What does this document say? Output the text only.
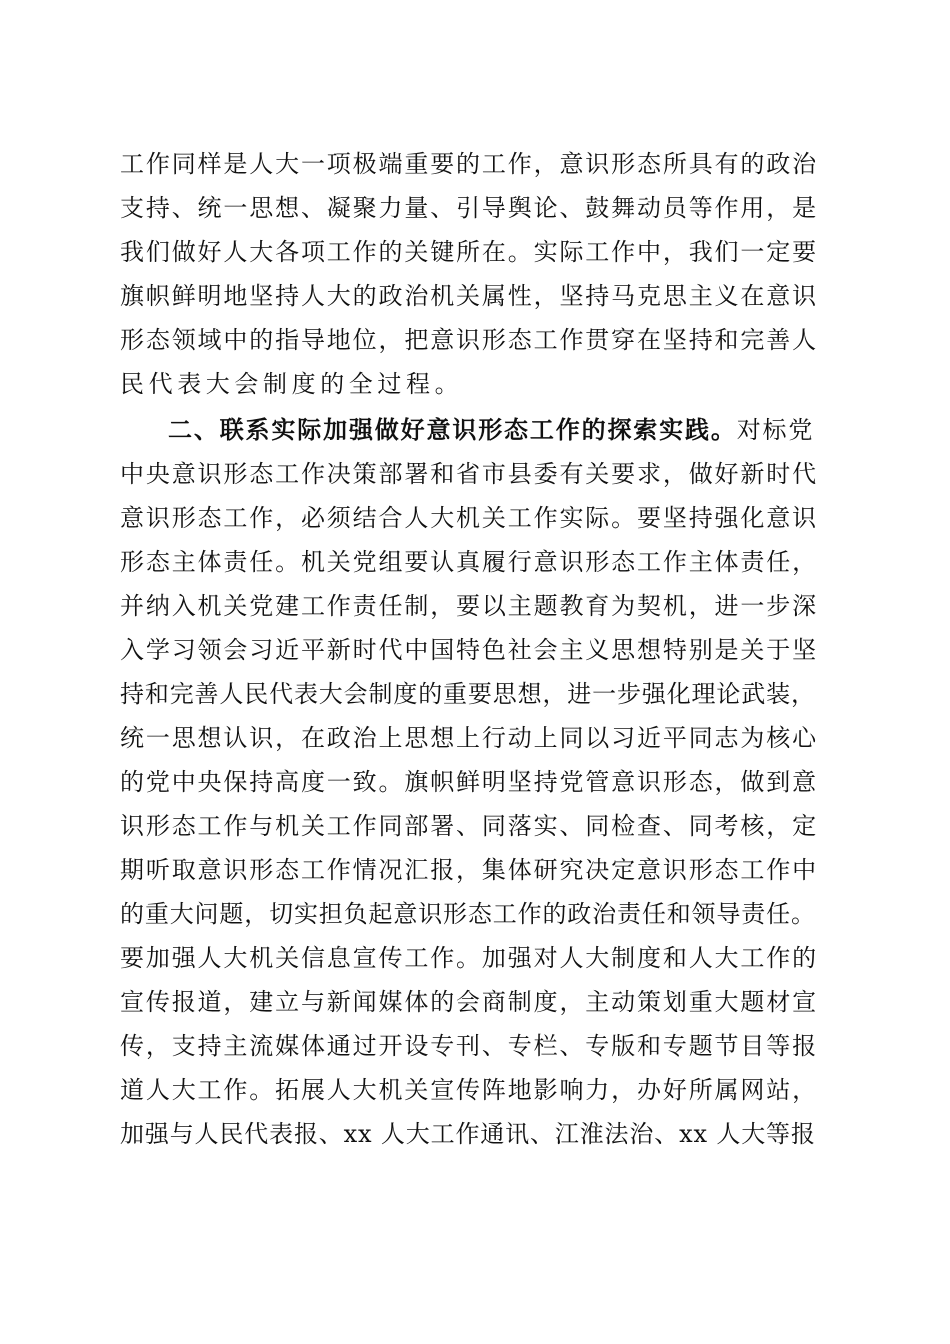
工作同样是人大一项极端重要的工作，意识形态所具有的政治
支持、统一思想、凝聚力量、引导舆论、鼓舞动员等作用，是
我们做好人大各项工作的关键所在。实际工作中，我们一定要
旗帜鲜明地坚持人大的政治机关属性，坚持马克思主义在意识
形态领域中的指导地位，把意识形态工作贯穿在坚持和完善人
民代表大会制度的全过程。
二、联系实际加强做好意识形态工作的探索实践。对标党
中央意识形态工作决策部署和省市县委有关要求，做好新时代
意识形态工作，必须结合人大机关工作实际。要坚持强化意识
形态主体责任。机关党组要认真履行意识形态工作主体责任，
并纳入机关党建工作责任制，要以主题教育为契机，进一步深
入学习领会习近平新时代中国特色社会主义思想特别是关于坚
持和完善人民代表大会制度的重要思想，进一步强化理论武装，
统一思想认识，在政治上思想上行动上同以习近平同志为核心
的党中央保持高度一致。旗帜鲜明坚持党管意识形态，做到意
识形态工作与机关工作同部署、同落实、同检查、同考核，定
期听取意识形态工作情况汇报，集体研究决定意识形态工作中
的重大问题，切实担负起意识形态工作的政治责任和领导责任。
要加强人大机关信息宣传工作。加强对人大制度和人大工作的
宣传报道，建立与新闻媒体的会商制度，主动策划重大题材宣
传，支持主流媒体通过开设专刊、专栏、专版和专题节目等报
道人大工作。拓展人大机关宣传阵地影响力，办好所属网站，
加强与人民代表报、xx 人大工作通讯、江淮法治、xx 人大等报
